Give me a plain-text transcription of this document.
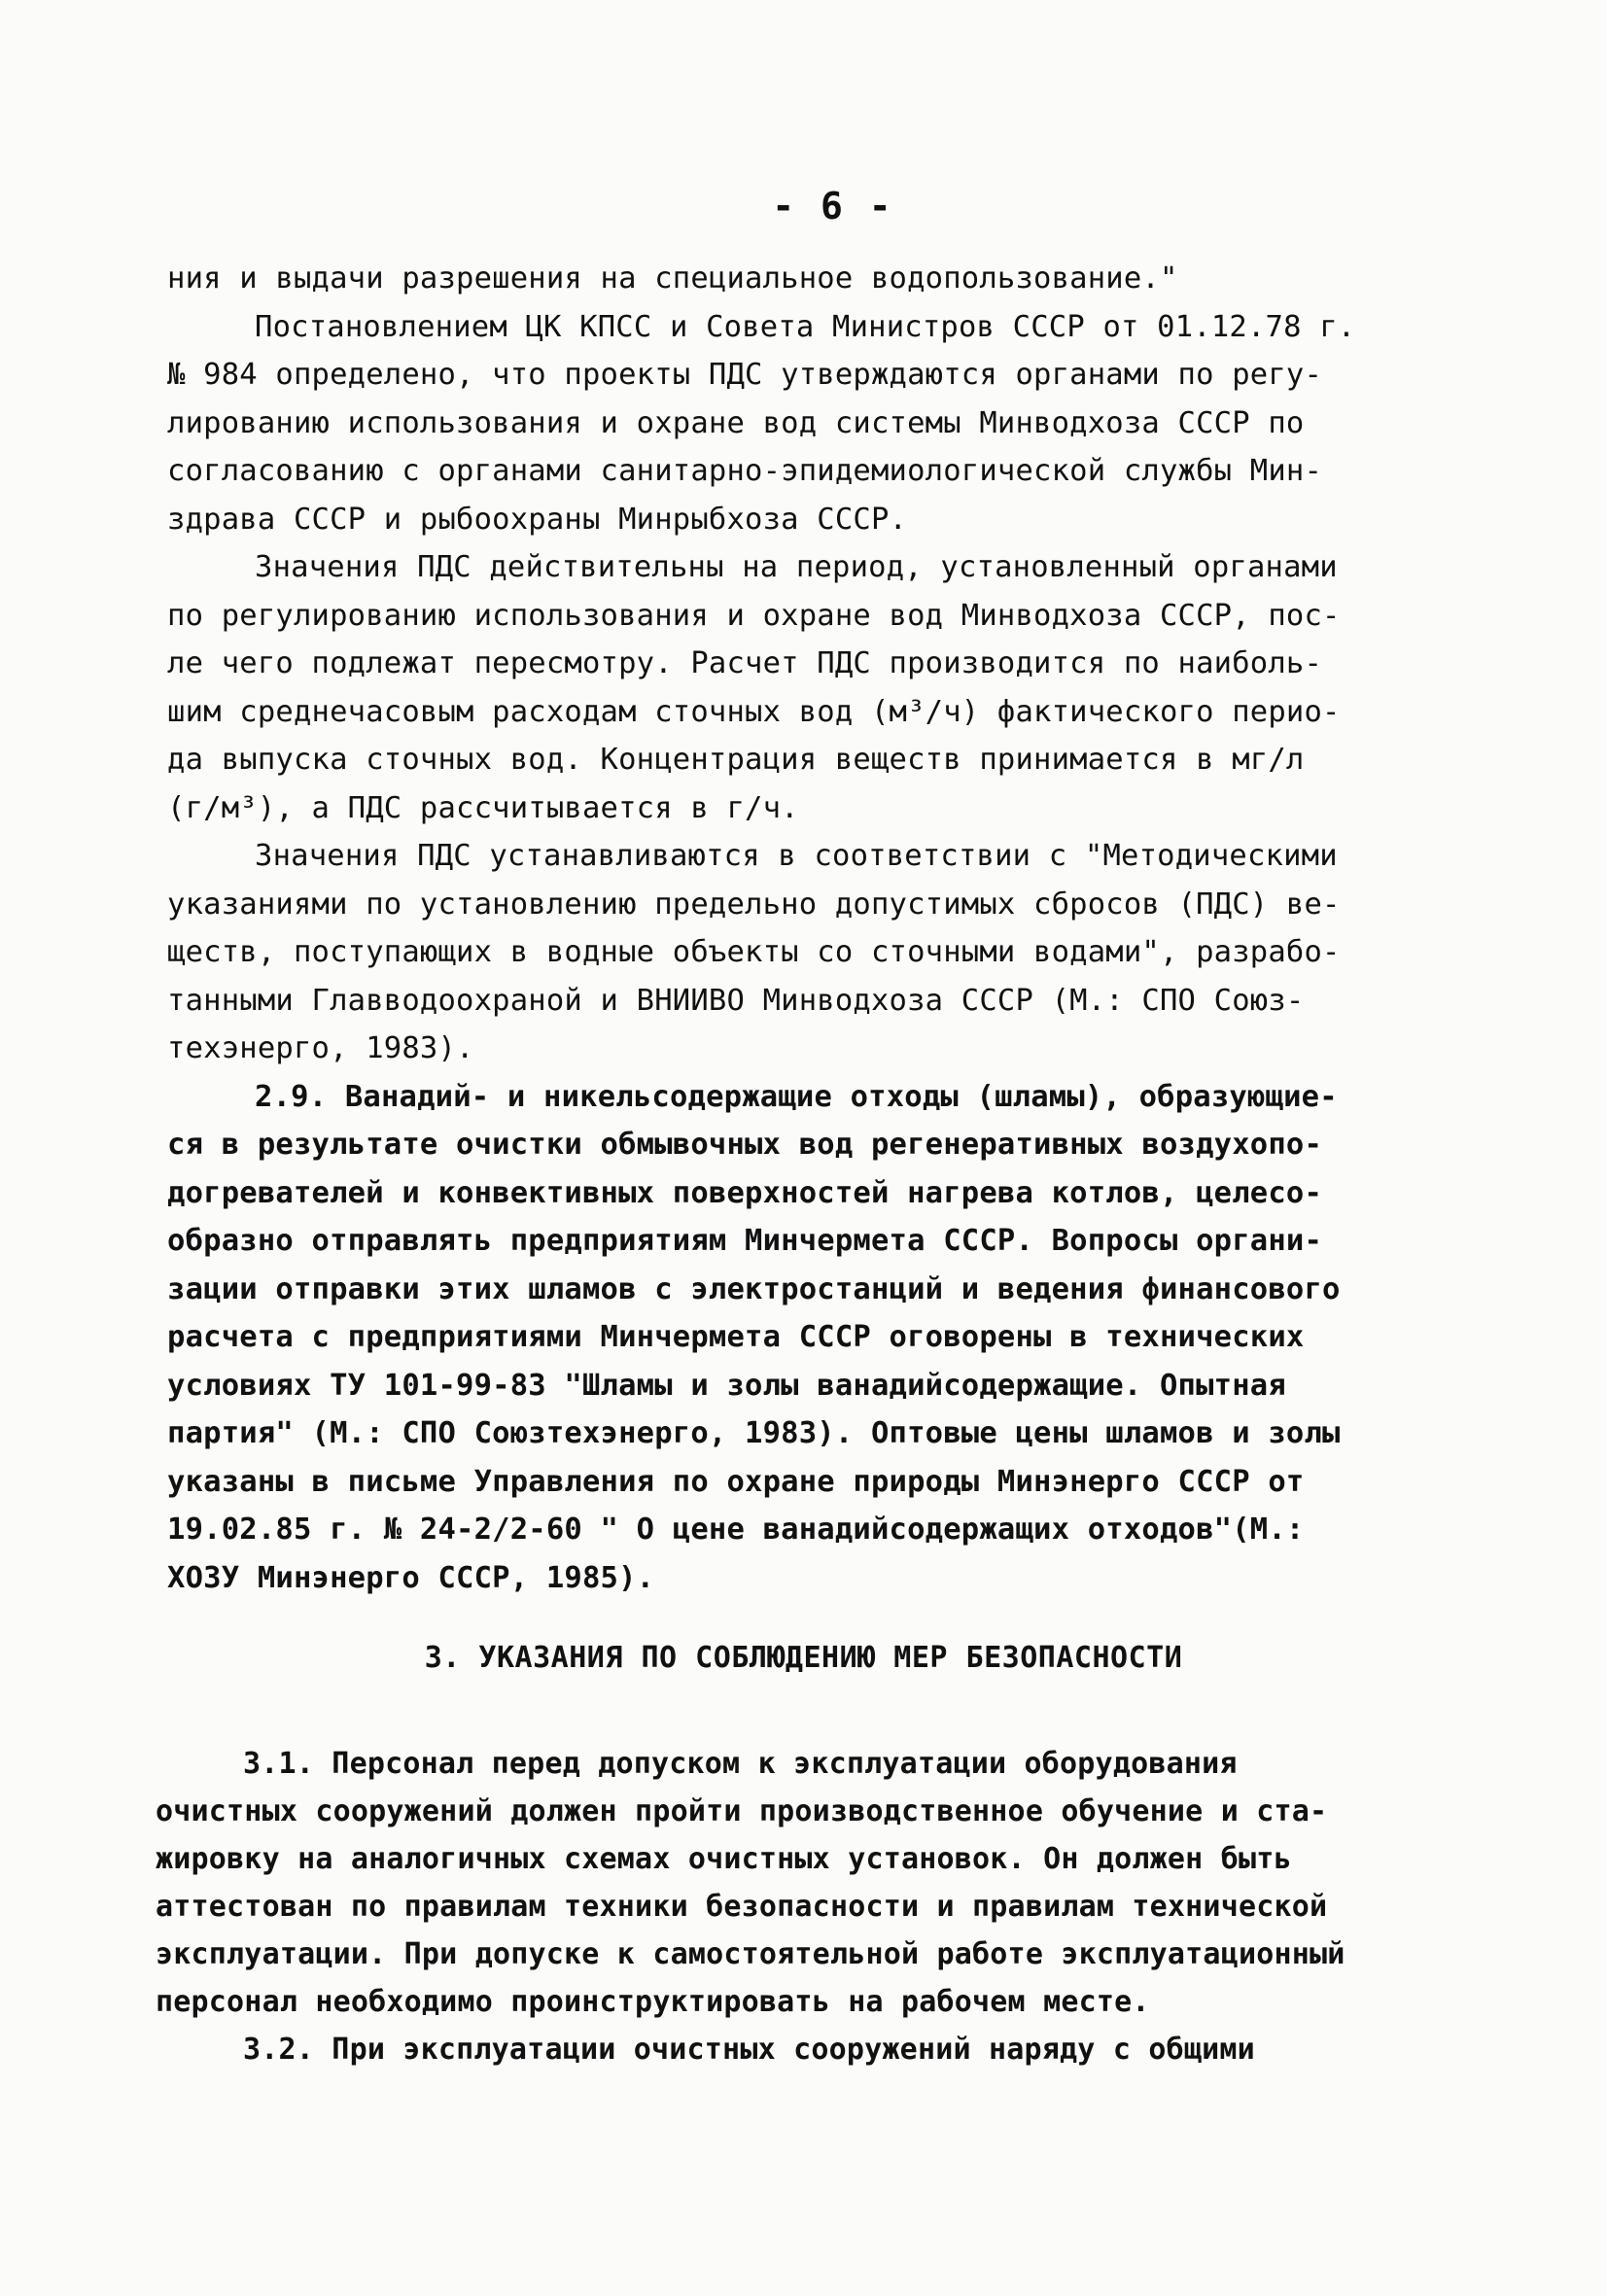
- 6 -
ния и выдачи разрешения на специальное водопользование."
Постановлением ЦК КПСС и Совета Министров СССР от 01.12.78 г.
№ 984 определено, что проекты ПДС утверждаются органами по регу-
лированию использования и охране вод системы Минводхоза СССР по
согласованию с органами санитарно-эпидемиологической службы Мин-
здрава СССР и рыбоохраны Минрыбхоза СССР.
Значения ПДС действительны на период, установленный органами
по регулированию использования и охране вод Минводхоза СССР, пос-
ле чего подлежат пересмотру. Расчет ПДС производится по наиболь-
шим среднечасовым расходам сточных вод (м³/ч) фактического перио-
да выпуска сточных вод. Концентрация веществ принимается в мг/л
(г/м³), а ПДС рассчитывается в г/ч.
Значения ПДС устанавливаются в соответствии с "Методическими
указаниями по установлению предельно допустимых сбросов (ПДС) ве-
ществ, поступающих в водные объекты со сточными водами", разрабо-
танными Главводоохраной и ВНИИВО Минводхоза СССР (М.: СПО Союз-
техэнерго, 1983).
2.9. Ванадий- и никельсодержащие отходы (шламы), образующие-
ся в результате очистки обмывочных вод регенеративных воздухопо-
догревателей и конвективных поверхностей нагрева котлов, целесо-
образно отправлять предприятиям Минчермета СССР. Вопросы органи-
зации отправки этих шламов с электростанций и ведения финансового
расчета с предприятиями Минчермета СССР оговорены в технических
условиях ТУ 101-99-83 "Шламы и золы ванадийсодержащие. Опытная
партия" (М.: СПО Союзтехэнерго, 1983). Оптовые цены шламов и золы
указаны в письме Управления по охране природы Минэнерго СССР от
19.02.85 г. № 24-2/2-60 " О цене ванадийсодержащих отходов"(М.:
ХОЗУ Минэнерго СССР, 1985).
3. УКАЗАНИЯ ПО СОБЛЮДЕНИЮ МЕР БЕЗОПАСНОСТИ
3.1. Персонал перед допуском к эксплуатации оборудования
очистных сооружений должен пройти производственное обучение и ста-
жировку на аналогичных схемах очистных установок. Он должен быть
аттестован по правилам техники безопасности и правилам технической
эксплуатации. При допуске к самостоятельной работе эксплуатационный
персонал необходимо проинструктировать на рабочем месте.
3.2. При эксплуатации очистных сооружений наряду с общими
